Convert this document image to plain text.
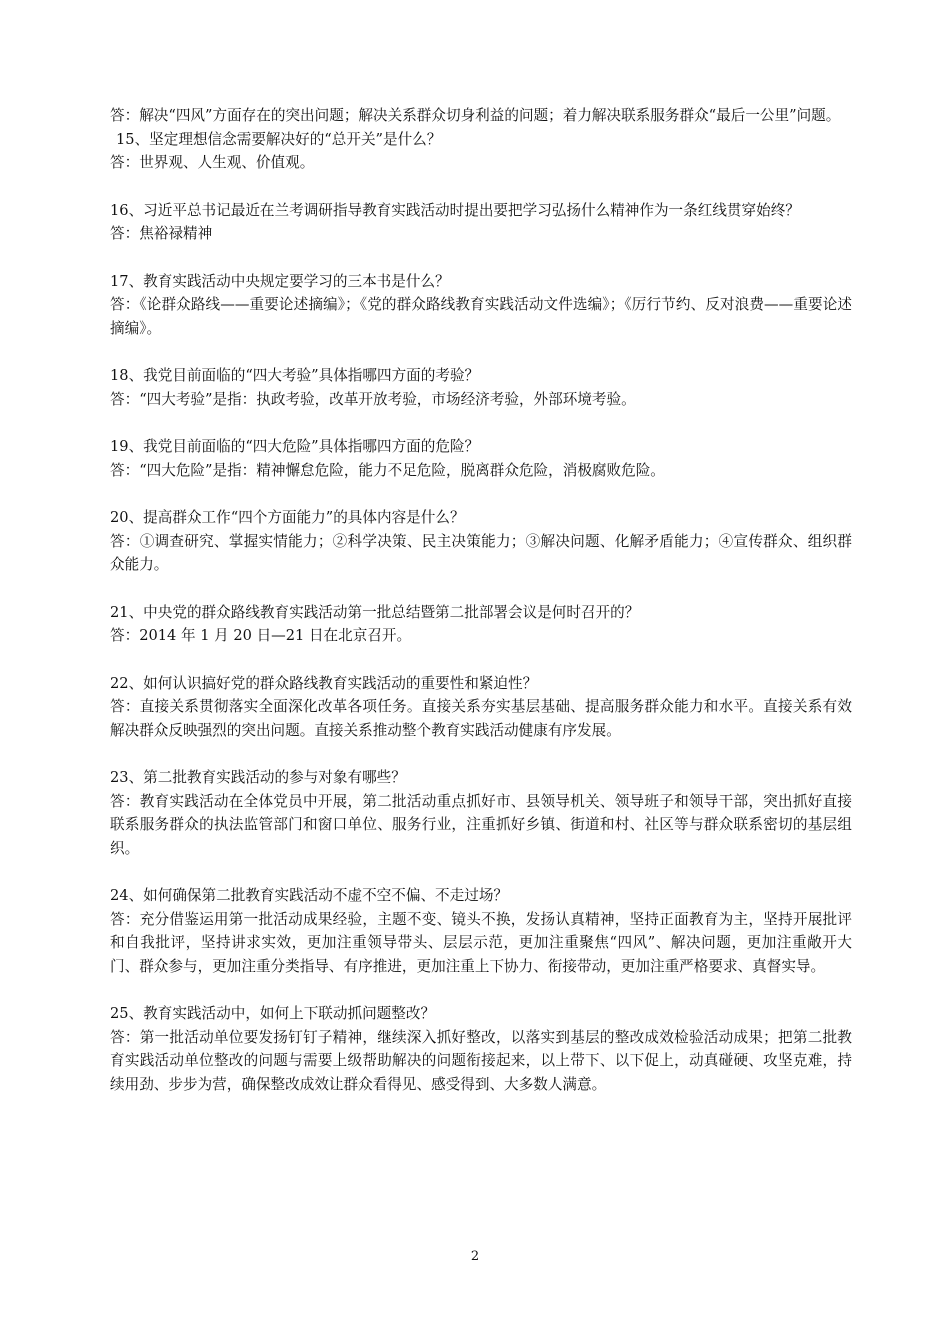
答：解决“四风”方面存在的突出问题；解决关系群众切身利益的问题；着力解决联系服务群众“最后一公里”问题。

15、坚定理想信念需要解决好的“总开关”是什么？

答：世界观、人生观、价值观。

16、习近平总书记最近在兰考调研指导教育实践活动时提出要把学习弘扬什么精神作为一条红线贯穿始终？

答：焦裕禄精神

17、教育实践活动中央规定要学习的三本书是什么？

答：《论群众路线——重要论述摘编》；《党的群众路线教育实践活动文件选编》；《厉行节约、反对浪费——重要论述摘编》。

18、我党目前面临的“四大考验”具体指哪四方面的考验？

答：“四大考验”是指：执政考验，改革开放考验，市场经济考验，外部环境考验。

19、我党目前面临的“四大危险”具体指哪四方面的危险？

答：“四大危险”是指：精神懈怠危险，能力不足危险，脱离群众危险，消极腐败危险。

20、提高群众工作“四个方面能力”的具体内容是什么？

答：①调查研究、掌握实情能力；②科学决策、民主决策能力；③解决问题、化解矛盾能力；④宣传群众、组织群众能力。

21、中央党的群众路线教育实践活动第一批总结暨第二批部署会议是何时召开的？

答：2014 年 1 月 20 日—21 日在北京召开。

22、如何认识搞好党的群众路线教育实践活动的重要性和紧迫性？

答：直接关系贯彻落实全面深化改革各项任务。直接关系夯实基层基础、提高服务群众能力和水平。直接关系有效解决群众反映强烈的突出问题。直接关系推动整个教育实践活动健康有序发展。

23、第二批教育实践活动的参与对象有哪些？

答：教育实践活动在全体党员中开展，第二批活动重点抓好市、县领导机关、领导班子和领导干部，突出抓好直接联系服务群众的执法监管部门和窗口单位、服务行业，注重抓好乡镇、街道和村、社区等与群众联系密切的基层组织。

24、如何确保第二批教育实践活动不虚不空不偏、不走过场？

答：充分借鉴运用第一批活动成果经验，主题不变、镜头不换，发扬认真精神，坚持正面教育为主，坚持开展批评和自我批评，坚持讲求实效，更加注重领导带头、层层示范，更加注重聚焦“四风”、解决问题，更加注重敞开大门、群众参与，更加注重分类指导、有序推进，更加注重上下协力、衔接带动，更加注重严格要求、真督实导。

25、教育实践活动中，如何上下联动抓问题整改？

答：第一批活动单位要发扬钉钉子精神，继续深入抓好整改，以落实到基层的整改成效检验活动成果；把第二批教育实践活动单位整改的问题与需要上级帮助解决的问题衔接起来，以上带下、以下促上，动真碰硬、攻坚克难，持续用劲、步步为营，确保整改成效让群众看得见、感受得到、大多数人满意。

2
